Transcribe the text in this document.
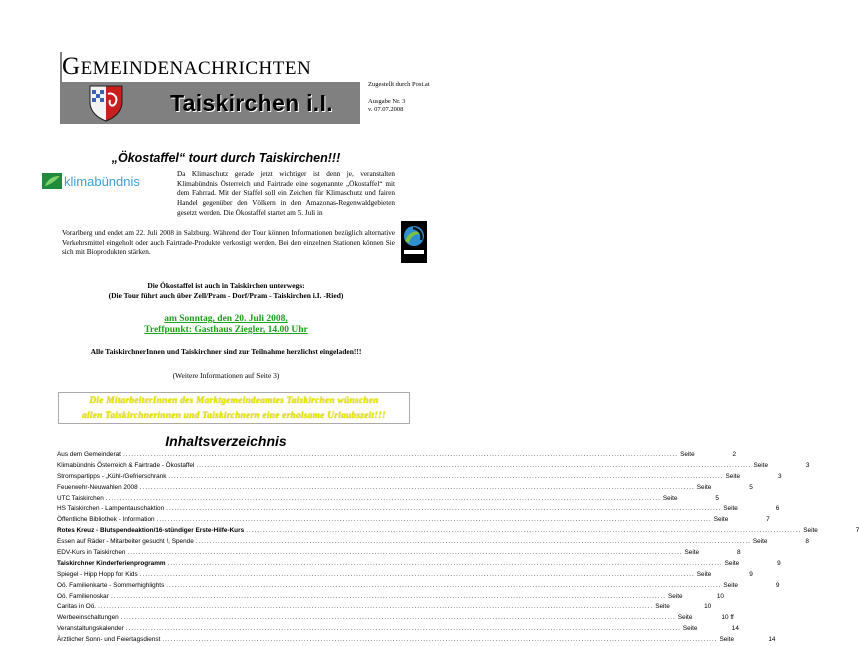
GEMEINDENACHRICHTEN
Taiskirchen i.I.
Zugestellt durch Post.at
Ausgabe Nr. 3
v. 07.07.2008
„Ökostaffel“ tourt durch Taiskirchen!!!
klimabündnis	Da Klimaschutz gerade jetzt wichtiger ist denn je, veranstalten Klimabündnis Österreich und Fairtrade eine sogenannte „Ökostaffel“ mit dem Fahrrad. Mit der Staffel soll ein Zeichen für Klimaschutz und fairen Handel gegenüber den Völkern in den Amazonas-Regenwaldgebieten gesetzt werden. Die Ökostaffel startet am 5. Juli in
Vorarlberg und endet am 22. Juli 2008 in Salzburg. Während der Tour können Informationen bezüglich alternative Verkehrsmittel eingeholt oder auch Fairtrade-Produkte verkostigt werden. Bei den einzelnen Stationen können Sie sich mit Bioprodukten stärken.
Die Ökostaffel ist auch in Taiskirchen unterwegs:
(Die Tour führt auch über Zell/Pram - Dorf/Pram - Taiskirchen i.I. -Ried)
am Sonntag, den 20. Juli 2008,
Treffpunkt: Gasthaus Ziegler, 14.00 Uhr
Alle TaiskirchnerInnen und Taiskirchner sind zur Teilnahme herzlichst eingeladen!!!
(Weitere Informationen auf Seite 3)
Die MitarbeiterInnen des Marktgemeindeamtes Taiskirchen wünschen
allen Taiskirchnerinnen und Taiskirchnern eine erholsame Urlaubszeit!!!
Inhaltsverzeichnis
Aus dem Gemeinderat ........................................................................................................................................................................................................ Seite	2
Klimabündnis Österreich & Fairtrade - Ökostaffel ........................................................................................................................................................................................................ Seite	3
Stromspartipps - „Kühl-/Gefrierschrank ........................................................................................................................................................................................................ Seite	3
Feuerwehr-Neuwahlen 2008 ........................................................................................................................................................................................................ Seite	5
UTC Taiskirchen ........................................................................................................................................................................................................ Seite	5
HS Taiskirchen - Lampentauschaktion ........................................................................................................................................................................................................ Seite	6
Öffentliche Bibliothek - Information ........................................................................................................................................................................................................ Seite	7
Rotes Kreuz - Blutspendeaktion/16-stündiger Erste-Hilfe-Kurs ........................................................................................................................................................................................................ Seite	7
Essen auf Räder - Mitarbeiter gesucht !, Spende ........................................................................................................................................................................................................ Seite	8
EDV-Kurs in Taiskirchen ........................................................................................................................................................................................................ Seite	8
Taiskirchner Kinderferienprogramm ........................................................................................................................................................................................................ Seite	9
Spiegel - Hipp Hopp for Kids ........................................................................................................................................................................................................ Seite	9
Oö. Familienkarte - Sommerhighlights ........................................................................................................................................................................................................ Seite	9
Oö. Familienoskar ........................................................................................................................................................................................................ Seite	10
Caritas in Oö. ........................................................................................................................................................................................................ Seite	10
Werbeeinschaltungen ........................................................................................................................................................................................................ Seite	10 ff
Veranstaltungskalender ........................................................................................................................................................................................................ Seite	14
Ärztlicher Sonn- und Feiertagsdienst ........................................................................................................................................................................................................ Seite	14
